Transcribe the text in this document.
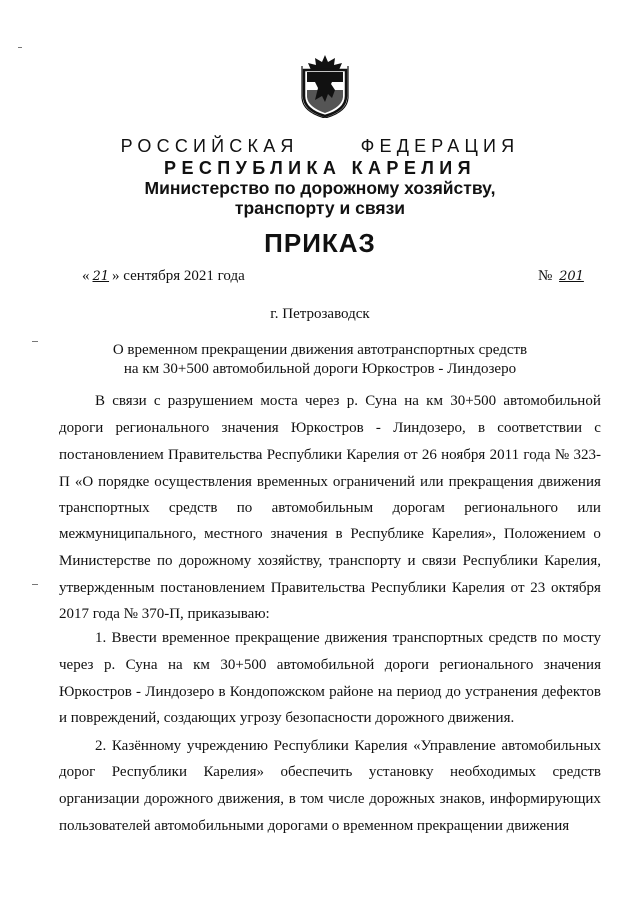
РОССИЙСКАЯ	ФЕДЕРАЦИЯ
РЕСПУБЛИКА КАРЕЛИЯ
Министерство по дорожному хозяйству,
транспорту и связи
ПРИКАЗ
« 21 » сентября 2021 года	№ 201
г. Петрозаводск
О временном прекращении движения автотранспортных средств
на км 30+500 автомобильной дороги Юркостров - Линдозеро
В связи с разрушением моста через р. Суна на км 30+500 автомобильной
дороги регионального значения Юркостров - Линдозеро, в соответствии с
постановлением Правительства Республики Карелия от 26 ноября 2011 года № 323-
П «О порядке осуществления временных ограничений или прекращения движения
транспортных средств по автомобильным дорогам регионального или
межмуниципального, местного значения в Республике Карелия», Положением о
Министерстве по дорожному хозяйству, транспорту и связи Республики Карелия,
утвержденным постановлением Правительства Республики Карелия от 23 октября
2017 года № 370-П, приказываю:
1. Ввести временное прекращение движения транспортных средств по мосту
через р. Суна на км 30+500 автомобильной дороги регионального значения
Юркостров - Линдозеро в Кондопожском районе на период до устранения дефектов
и повреждений, создающих угрозу безопасности дорожного движения.
2. Казённому учреждению Республики Карелия «Управление автомобильных
дорог Республики Карелия» обеспечить установку необходимых средств
организации дорожного движения, в том числе дорожных знаков, информирующих
пользователей автомобильными дорогами о временном прекращении движения
